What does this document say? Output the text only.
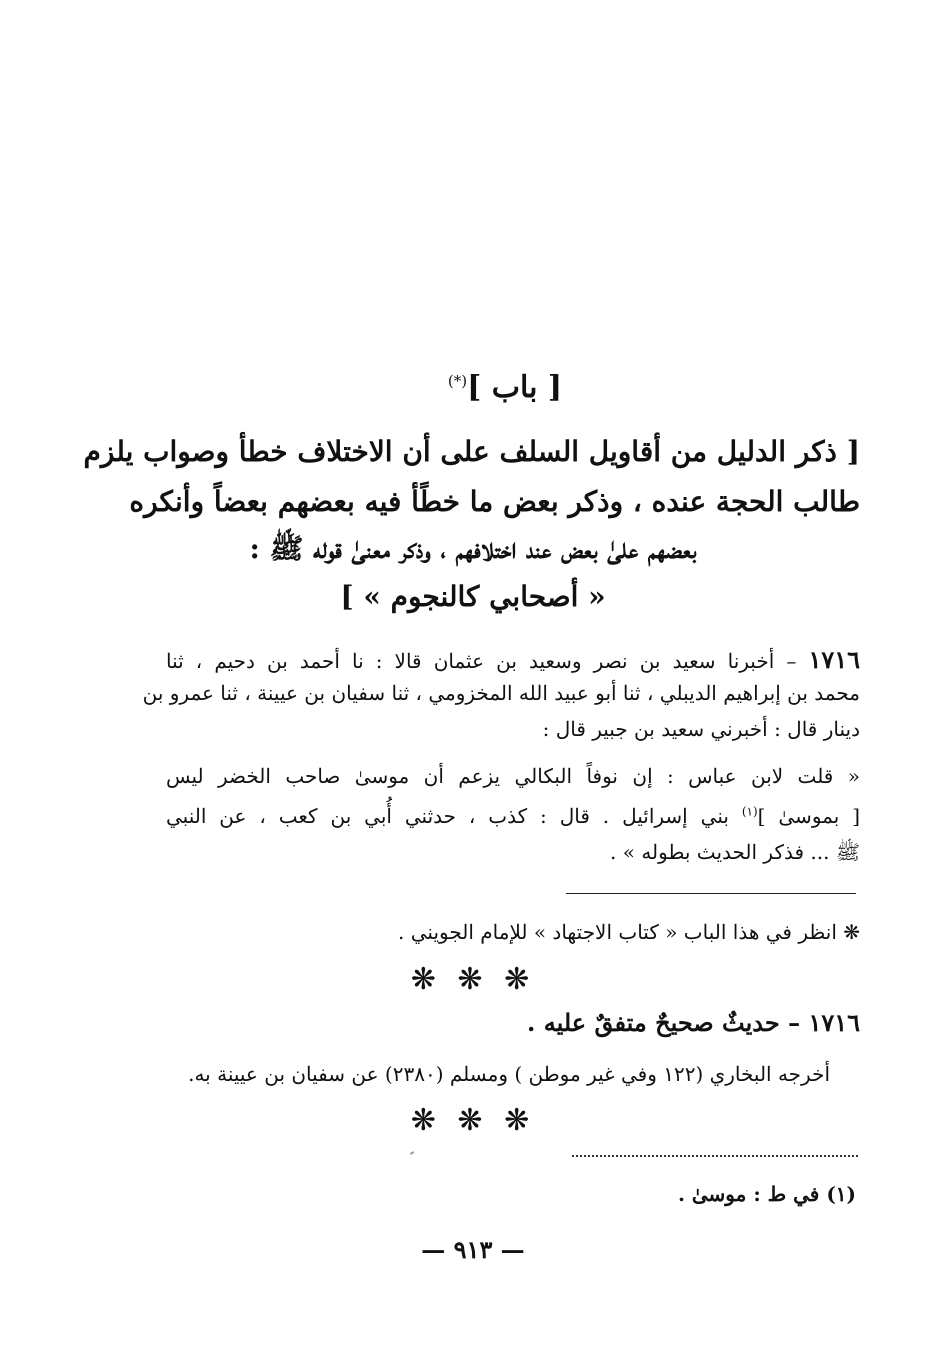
[ باب ](*)
[ ذكر الدليل من أقاويل السلف على أن الاختلاف خطأ وصواب يلزم
طالب الحجة عنده ، وذكر بعض ما خطًأ فيه بعضهم بعضاً وأنكره
بعضهم علىٰ بعض عند اختلافهم ، وذكر معنىٰ قوله ﷺ :
« أصحابي كالنجوم » ]
١٧١٦ – أخبرنا سعيد بن نصر وسعيد بن عثمان قالا : نا أحمد بن دحيم ، ثنا
محمد بن إبراهيم الديبلي ، ثنا أبو عبيد الله المخزومي ، ثنا سفيان بن عيينة ، ثنا عمرو بن
دينار قال : أخبرني سعيد بن جبير قال :
« قلت لابن عباس : إن نوفاً البكالي يزعم أن موسىٰ صاحب الخضر ليس
[ بموسىٰ ]$^{(١)}$ بني إسرائيل . قال : كذب ، حدثني أُبي بن كعب ، عن النبي
ﷺ ... فذكر الحديث بطوله » .
❋ انظر في هذا الباب « كتاب الاجتهاد » للإمام الجويني .
❋ ❋ ❋
١٧١٦ – حديثٌ صحيحٌ متفقٌ عليه .
أخرجه البخاري (١٢٢ وفي غير موطن ) ومسلم (٢٣٨٠) عن سفيان بن عيينة به.
❋ ❋ ❋
(١) في ط : موسىٰ .
— ٩١٣ —
